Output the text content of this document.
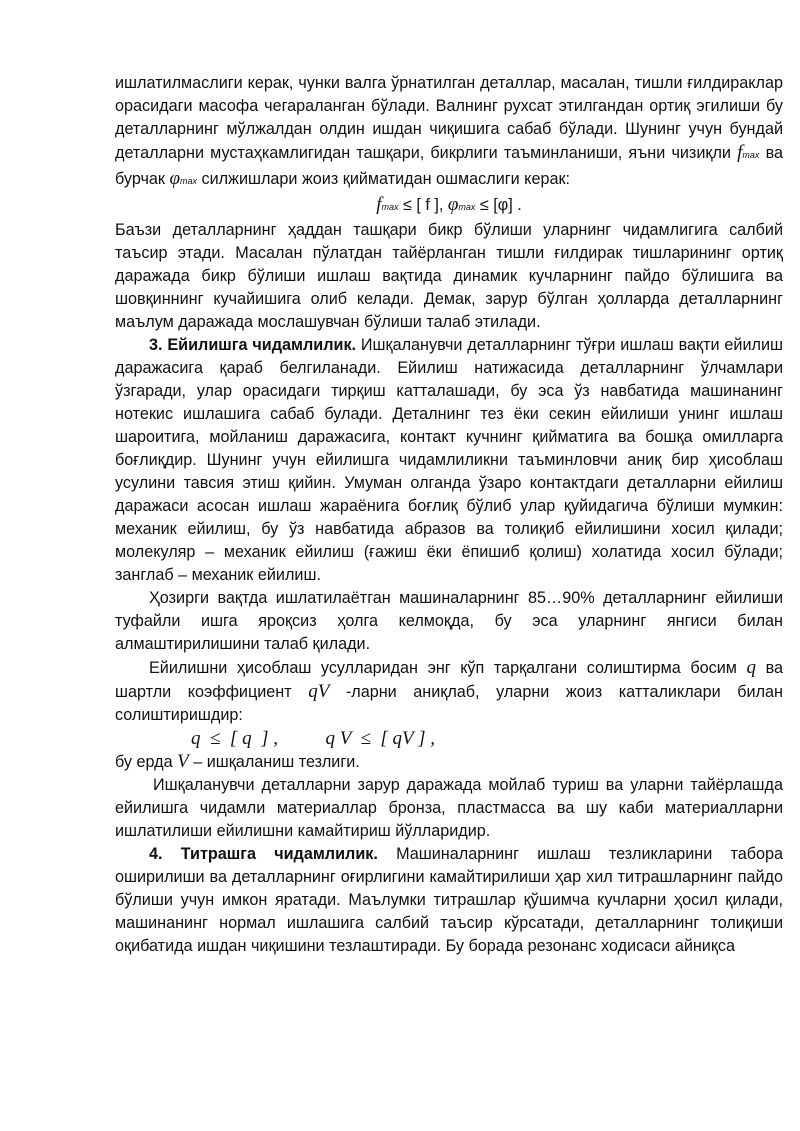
ишлатилмаслиги керак, чунки валга ўрнатилган деталлар, масалан, тишли ғилдираклар орасидаги масофа чегараланган бўлади. Валнинг рухсат этилгандан ортиқ эгилиши бу деталларнинг мўлжалдан олдин ишдан чиқишига сабаб бўлади. Шунинг учун бундай деталларни мустаҳкамлигидан ташқари, бикрлиги таъминланиши, яъни чизиқли fmax ва бурчак φmax силжишлари жоиз қийматидан ошмаслиги керак:

fmax ≤ [ f ], φmax ≤ [φ] .

Баъзи деталларнинг ҳаддан ташқари бикр бўлиши уларнинг чидамлигига салбий таъсир этади. Масалан пўлатдан тайёрланган тишли ғилдирак тишларининг ортиқ даражада бикр бўлиши ишлаш вақтида динамик кучларнинг пайдо бўлишига ва шовқиннинг кучайишига олиб келади. Демак, зарур бўлган ҳолларда деталларнинг маълум даражада мослашувчан бўлиши талаб этилади.

3. Ейилишга чидамлилик. Ишқаланувчи деталларнинг тўғри ишлаш вақти ейилиш даражасига қараб белгиланади. Ейилиш натижасида деталларнинг ўлчамлари ўзгаради, улар орасидаги тирқиш катталашади, бу эса ўз навбатида машинанинг нотекис ишлашига сабаб булади. Деталнинг тез ёки секин ейилиши унинг ишлаш шароитига, мойланиш даражасига, контакт кучнинг қийматига ва бошқа омилларга боғлиқдир. Шунинг учун ейилишга чидамлиликни таъминловчи аниқ бир ҳисоблаш усулини тавсия этиш қийин. Умуман олганда ўзаро контактдаги деталларни ейилиш даражаси асосан ишлаш жараёнига боғлиқ бўлиб улар қуйидагича бўлиши мумкин: механик ейилиш, бу ўз навбатида абразов ва толиқиб ейилишини хосил қилади; молекуляр – механик ейилиш (ғажиш ёки ёпишиб қолиш) холатида хосил бўлади; занглаб – механик ейилиш.

Ҳозирги вақтда ишлатилаётган машиналарнинг 85…90% деталларнинг ейилиши туфайли ишга яроқсиз ҳолга келмоқда, бу эса уларнинг янгиси билан алмаштирилишини талаб қилади.

Ейилишни ҳисоблаш усулларидан энг кўп тарқалгани солиштирма босим q ва шартли коэффициент qV -ларни аниқлаб, уларни жоиз катталиклари билан солиштиришдир:

q  ≤  [ q  ] ,          q V  ≤  [ qV ] ,

бу ерда V – ишқаланиш тезлиги.

Ишқаланувчи деталларни зарур даражада мойлаб туриш ва уларни тайёрлашда ейилишга чидамли материаллар бронза, пластмасса ва шу каби материалларни ишлатилиши ейилишни камайтириш йўлларидир.

4. Титрашга чидамлилик. Машиналарнинг ишлаш тезликларини табора оширилиши ва деталларнинг оғирлигини камайтирилиши ҳар хил титрашларнинг пайдо бўлиши учун имкон яратади. Маълумки титрашлар қўшимча кучларни ҳосил қилади, машинанинг нормал ишлашига салбий таъсир кўрсатади, деталларнинг толиқиши оқибатида ишдан чиқишини тезлаштиради. Бу борада резонанс ходисаси айниқса
